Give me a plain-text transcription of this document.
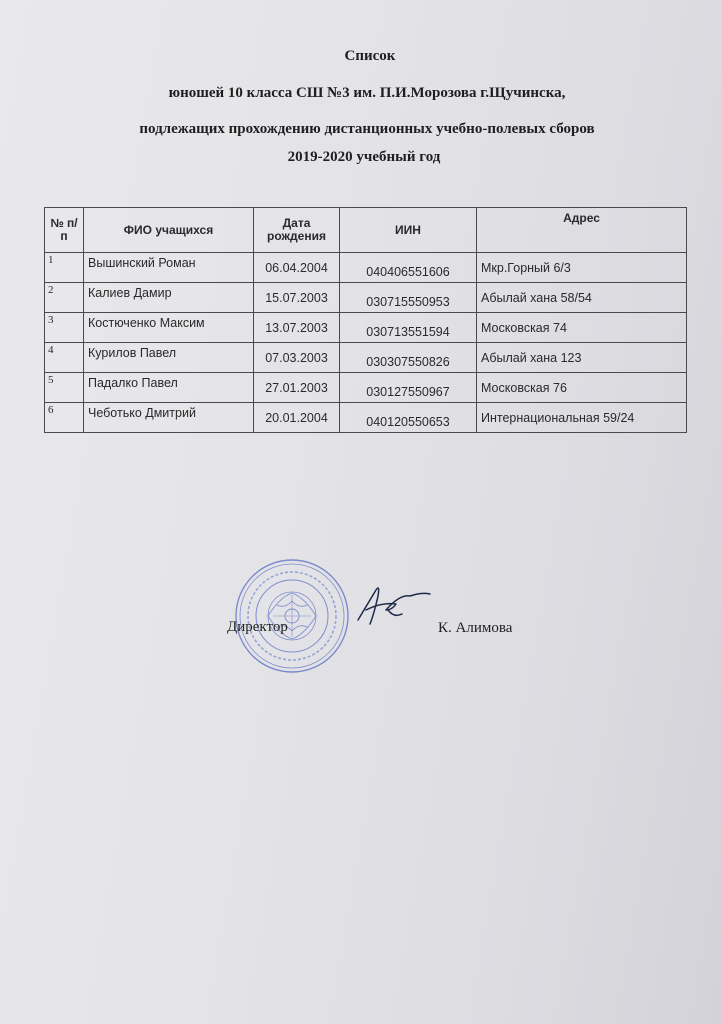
Список
юношей 10 класса СШ №3 им. П.И.Морозова г.Щучинска,
подлежащих прохождению дистанционных учебно-полевых сборов
2019-2020 учебный год
№ п/п	ФИО учащихся	Дата рождения	ИИН	Адрес
1	Вышинский Роман	06.04.2004	040406551606	Мкр.Горный 6/3
2	Калиев Дамир	15.07.2003	030715550953	Абылай хана 58/54
3	Костюченко Максим	13.07.2003	030713551594	Московская 74
4	Курилов Павел	07.03.2003	030307550826	Абылай хана 123
5	Падалко Павел	27.01.2003	030127550967	Московская 76
6	Чеботько Дмитрий	20.01.2004	040120550653	Интернациональная 59/24
Директор	К. Алимова
